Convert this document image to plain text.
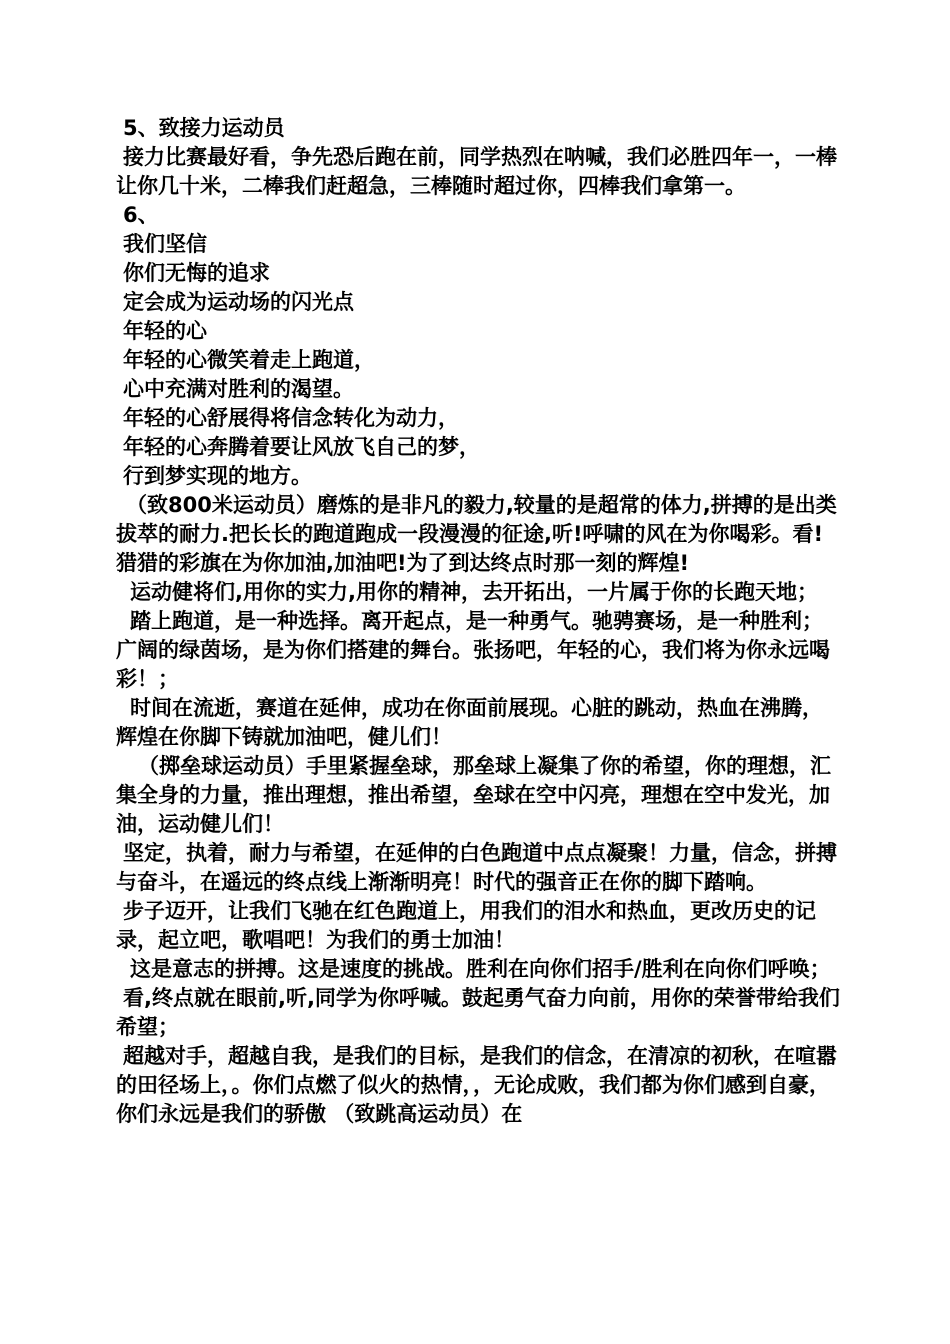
5、致接力运动员

接力比赛最好看，争先恐后跑在前，同学热烈在呐喊，我们必胜四年一，一棒让你几十米，二棒我们赶超急，三棒随时超过你，四棒我们拿第一。

6、

我们坚信

你们无悔的追求

定会成为运动场的闪光点

年轻的心

年轻的心微笑着走上跑道，

心中充满对胜利的渴望。

年轻的心舒展得将信念转化为动力，

年轻的心奔腾着要让风放飞自己的梦，

行到梦实现的地方。

（致800米运动员）磨炼的是非凡的毅力,较量的是超常的体力,拼搏的是出类拔萃的耐力.把长长的跑道跑成一段漫漫的征途,听!呼啸的风在为你喝彩。看!猎猎的彩旗在为你加油,加油吧!为了到达终点时那一刻的辉煌!

运动健将们,用你的实力,用你的精神，去开拓出，一片属于你的长跑天地；

踏上跑道，是一种选择。离开起点，是一种勇气。驰骋赛场，是一种胜利；广阔的绿茵场，是为你们搭建的舞台。张扬吧，年轻的心，我们将为你永远喝彩！；

时间在流逝，赛道在延伸，成功在你面前展现。心脏的跳动，热血在沸腾，辉煌在你脚下铸就加油吧，健儿们！

（掷垒球运动员）手里紧握垒球，那垒球上凝集了你的希望，你的理想，汇集全身的力量，推出理想，推出希望，垒球在空中闪亮，理想在空中发光，加油，运动健儿们！

坚定，执着，耐力与希望，在延伸的白色跑道中点点凝聚！力量，信念，拼搏与奋斗，在遥远的终点线上渐渐明亮！时代的强音正在你的脚下踏响。

步子迈开，让我们飞驰在红色跑道上，用我们的泪水和热血，更改历史的记录，起立吧，歌唱吧！为我们的勇士加油！

这是意志的拼搏。这是速度的挑战。胜利在向你们招手/胜利在向你们呼唤；

看,终点就在眼前,听,同学为你呼喊。鼓起勇气奋力向前，用你的荣誉带给我们希望；

超越对手，超越自我，是我们的目标，是我们的信念，在清凉的初秋，在喧嚣的田径场上，。你们点燃了似火的热情，，无论成败，我们都为你们感到自豪，你们永远是我们的骄傲 （致跳高运动员）在
